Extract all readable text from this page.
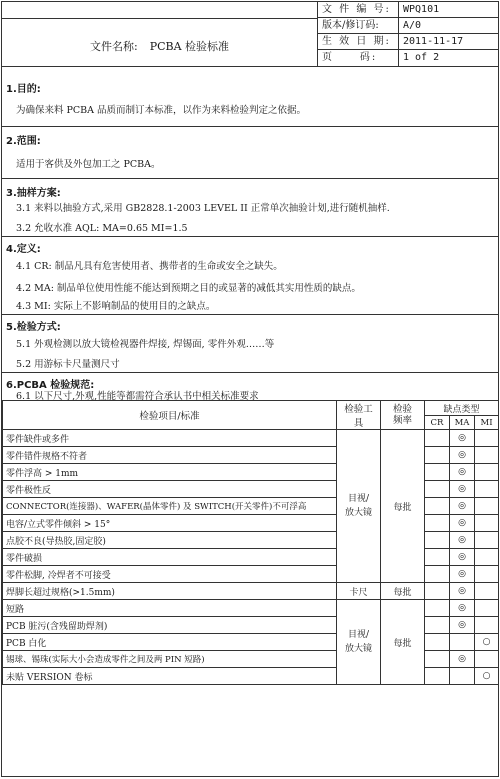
文件名称: PCBA 检验标准
文 件 编 号:	WPQ101
版本/修订码:	A/0
生 效 日 期:	2011-11-17
页     码:	1 of 2
1.目的:
为确保来料 PCBA 品质而制订本标准，以作为来料检验判定之依据。
2.范围:
适用于客供及外包加工之 PCBA。
3.抽样方案:
3.1 来料以抽验方式,采用 GB2828.1-2003 LEVEL II 正常单次抽验计划,进行随机抽样.
3.2 允收水准 AQL: MA=0.65 MI=1.5
4.定义:
4.1 CR: 制品凡具有危害使用者、携带者的生命或安全之缺失。
4.2 MA: 制品单位使用性能不能达到预期之目的或显著的减低其实用性质的缺点。
4.3 MI: 实际上不影响制品的使用目的之缺点。
5.检验方式:
5.1 外观检测以放大镜检视器件焊接, 焊锡面, 零件外观……等
5.2 用游标卡尺量测尺寸
6.PCBA 检验规范:
6.1 以下尺寸,外观,性能等都需符合承认书中相关标准要求
检验项目/标准	检验工具	检验频率	缺点类型		
			CR	MA	MI
零件缺件或多件	目视/放大镜	每批		◎	
零件错件规格不符者				◎	
零件浮高 > 1mm				◎	
零件极性反				◎	
CONNECTOR(连接器)、WAFER(晶体零件) 及 SWITCH(开关零件)不可浮高				◎	
电容/立式零件倾斜 > 15°				◎	
点胶不良(导热胶,固定胶)				◎	
零件破损				◎	
零件松脚, 冷焊者不可接受				◎	
焊脚长超过规格(>1.5mm)	卡尺	每批		◎	
短路	目视/放大镜	每批		◎	
PCB 脏污(含残留助焊剂)				◎	
PCB 白化					○
锡球、锡珠(实际大小会造成零件之间及两 PIN 短路)				◎	
未贴 VERSION 卷标					○
